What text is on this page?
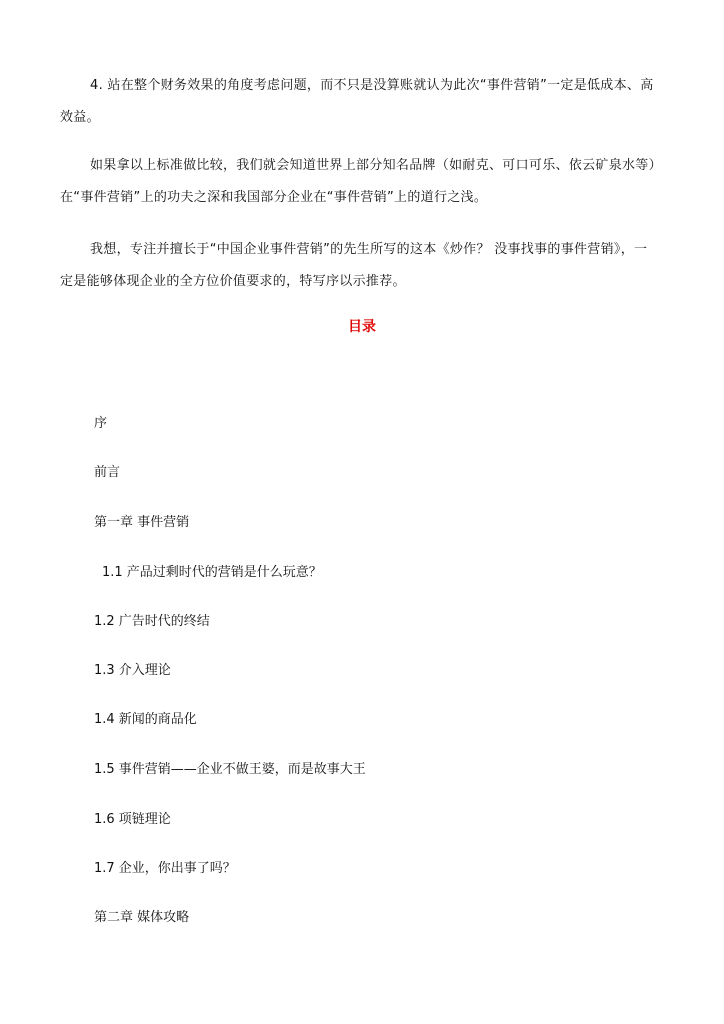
4. 站在整个财务效果的角度考虑问题，而不只是没算账就认为此次“事件营销”一定是低成本、高效益。

如果拿以上标准做比较，我们就会知道世界上部分知名品牌（如耐克、可口可乐、依云矿泉水等）在“事件营销”上的功夫之深和我国部分企业在“事件营销”上的道行之浅。

我想，专注并擅长于“中国企业事件营销”的先生所写的这本《炒作？ 没事找事的事件营销》，一定是能够体现企业的全方位价值要求的，特写序以示推荐。

目录

序

前言

第一章 事件营销

1.1 产品过剩时代的营销是什么玩意？

1.2 广告时代的终结

1.3 介入理论

1.4 新闻的商品化

1.5 事件营销——企业不做王婆，而是故事大王

1.6 项链理论

1.7 企业，你出事了吗？

第二章 媒体攻略
